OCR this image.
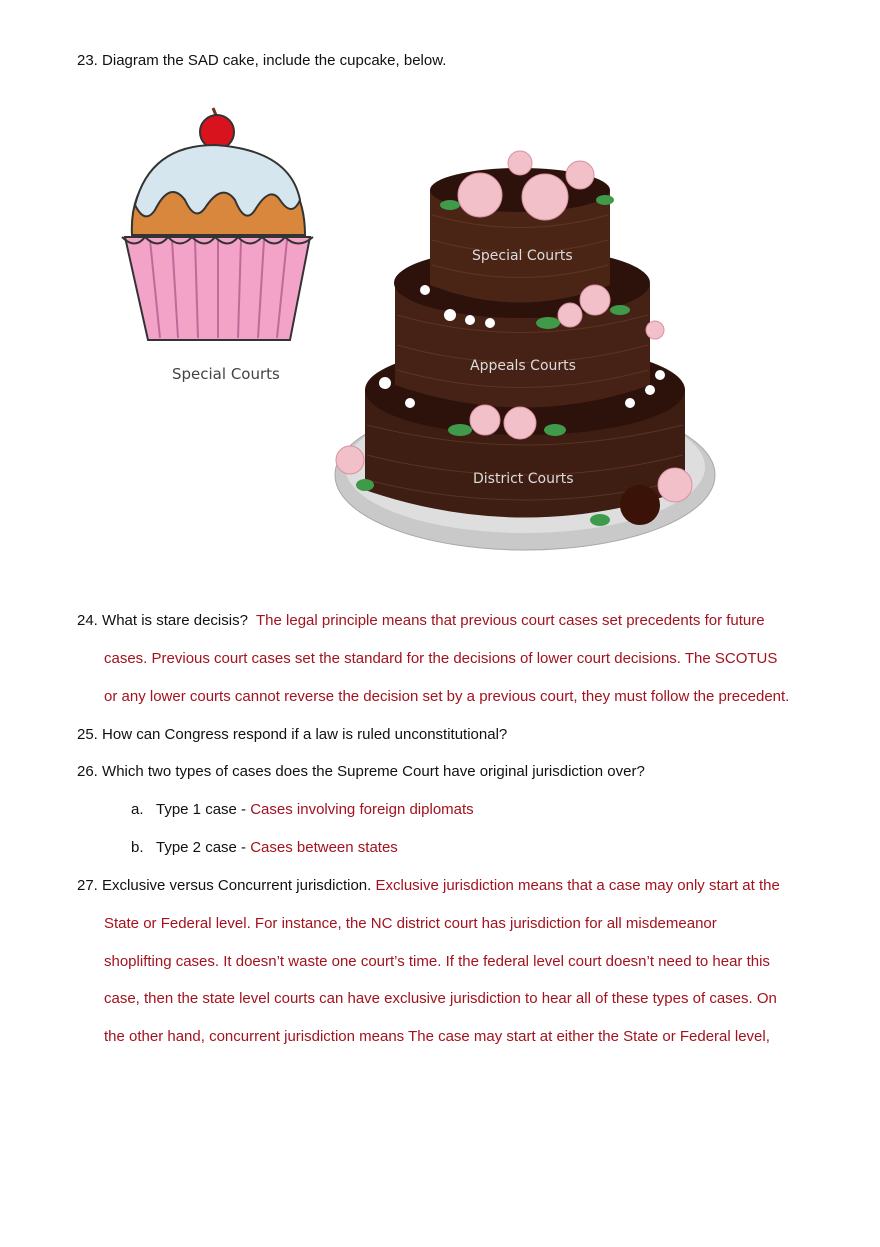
23. Diagram the SAD cake, include the cupcake, below.
Special Courts
Special Courts
Appeals Courts
District Courts
24. What is stare decisis? The legal principle means that previous court cases set precedents for future
cases. Previous court cases set the standard for the decisions of lower court decisions. The SCOTUS
or any lower courts cannot reverse the decision set by a previous court, they must follow the precedent.
25. How can Congress respond if a law is ruled unconstitutional?
26. Which two types of cases does the Supreme Court have original jurisdiction over?
a. Type 1 case - Cases involving foreign diplomats
b. Type 2 case - Cases between states
27. Exclusive versus Concurrent jurisdiction. Exclusive jurisdiction means that a case may only start at the
State or Federal level. For instance, the NC district court has jurisdiction for all misdemeanor
shoplifting cases. It doesn’t waste one court’s time. If the federal level court doesn’t need to hear this
case, then the state level courts can have exclusive jurisdiction to hear all of these types of cases. On
the other hand, concurrent jurisdiction means The case may start at either the State or Federal level,
